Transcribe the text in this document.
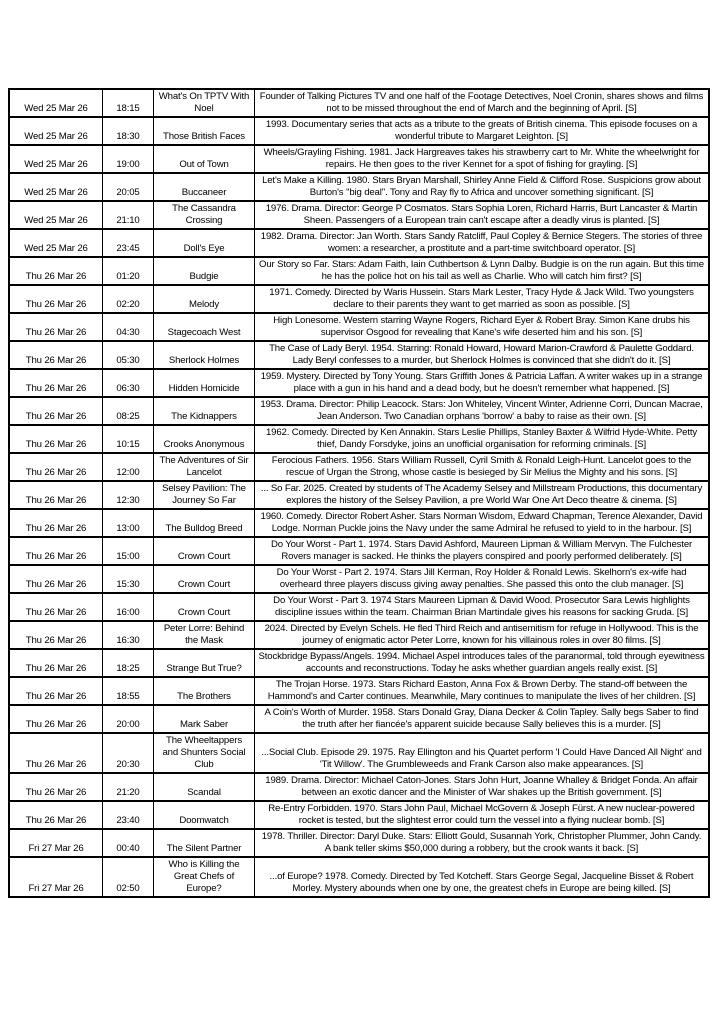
Wed 25 Mar 26	18:15	What's On TPTV With Noel	Founder of Talking Pictures TV and one half of the Footage Detectives, Noel Cronin, shares shows and films not to be missed throughout the end of March and the beginning of April. [S]
Wed 25 Mar 26	18:30	Those British Faces	1993. Documentary series that acts as a tribute to the greats of British cinema. This episode focuses on a wonderful tribute to Margaret Leighton. [S]
Wed 25 Mar 26	19:00	Out of Town	Wheels/Grayling Fishing. 1981. Jack Hargreaves takes his strawberry cart to Mr. White the wheelwright for repairs. He then goes to the river Kennet for a spot of fishing for grayling. [S]
Wed 25 Mar 26	20:05	Buccaneer	Let's Make a Killing. 1980. Stars Bryan Marshall, Shirley Anne Field & Clifford Rose. Suspicions grow about Burton's ''big deal''. Tony and Ray fly to Africa and uncover something significant. [S]
Wed 25 Mar 26	21:10	The Cassandra Crossing	1976. Drama. Director: George P Cosmatos. Stars Sophia Loren, Richard Harris, Burt Lancaster & Martin Sheen. Passengers of a European train can't escape after a deadly virus is planted. [S]
Wed 25 Mar 26	23:45	Doll's Eye	1982. Drama. Director: Jan Worth. Stars Sandy Ratcliff, Paul Copley & Bernice Stegers. The stories of three women: a researcher, a prostitute and a part-time switchboard operator. [S]
Thu 26 Mar 26	01:20	Budgie	Our Story so Far. Stars: Adam Faith, Iain Cuthbertson & Lynn Dalby. Budgie is on the run again. But this time he has the police hot on his tail as well as Charlie. Who will catch him first? [S]
Thu 26 Mar 26	02:20	Melody	1971. Comedy. Directed by Waris Hussein. Stars Mark Lester, Tracy Hyde & Jack Wild. Two youngsters declare to their parents they want to get married as soon as possible. [S]
Thu 26 Mar 26	04:30	Stagecoach West	High Lonesome. Western starring Wayne Rogers, Richard Eyer & Robert Bray. Simon Kane drubs his supervisor Osgood for revealing that Kane's wife deserted him and his son. [S]
Thu 26 Mar 26	05:30	Sherlock Holmes	The Case of Lady Beryl. 1954. Starring: Ronald Howard, Howard Marion-Crawford & Paulette Goddard. Lady Beryl confesses to a murder, but Sherlock Holmes is convinced that she didn't do it. [S]
Thu 26 Mar 26	06:30	Hidden Homicide	1959. Mystery. Directed by Tony Young. Stars Griffith Jones & Patricia Laffan. A writer wakes up in a strange place with a gun in his hand and a dead body, but he doesn't remember what happened. [S]
Thu 26 Mar 26	08:25	The Kidnappers	1953. Drama. Director: Philip Leacock. Stars: Jon Whiteley, Vincent Winter, Adrienne Corri, Duncan Macrae, Jean Anderson. Two Canadian orphans 'borrow' a baby to raise as their own. [S]
Thu 26 Mar 26	10:15	Crooks Anonymous	1962. Comedy. Directed by Ken Annakin. Stars Leslie Phillips, Stanley Baxter & Wilfrid Hyde-White. Petty thief, Dandy Forsdyke, joins an unofficial organisation for reforming criminals. [S]
Thu 26 Mar 26	12:00	The Adventures of Sir Lancelot	Ferocious Fathers. 1956. Stars William Russell, Cyril Smith & Ronald Leigh-Hunt. Lancelot goes to the rescue of Urgan the Strong, whose castle is besieged by Sir Melius the Mighty and his sons. [S]
Thu 26 Mar 26	12:30	Selsey Pavilion: The Journey So Far	... So Far. 2025. Created by students of The Academy Selsey and Millstream Productions, this documentary explores the history of the Selsey Pavilion, a pre World War One Art Deco theatre & cinema. [S]
Thu 26 Mar 26	13:00	The Bulldog Breed	1960. Comedy. Director Robert Asher. Stars Norman Wisdom, Edward Chapman, Terence Alexander, David Lodge. Norman Puckle joins the Navy under the same Admiral he refused to yield to in the harbour. [S]
Thu 26 Mar 26	15:00	Crown Court	Do Your Worst - Part 1. 1974. Stars David Ashford, Maureen Lipman & William Mervyn. The Fulchester Rovers manager is sacked. He thinks the players conspired and poorly performed deliberately. [S]
Thu 26 Mar 26	15:30	Crown Court	Do Your Worst - Part 2. 1974. Stars Jill Kerman, Roy Holder & Ronald Lewis. Skelhorn's ex-wife had overheard three players discuss giving away penalties. She passed this onto the club manager. [S]
Thu 26 Mar 26	16:00	Crown Court	Do Your Worst - Part 3. 1974 Stars Maureen Lipman & David Wood. Prosecutor Sara Lewis highlights discipline issues within the team. Chairman Brian Martindale gives his reasons for sacking Gruda. [S]
Thu 26 Mar 26	16:30	Peter Lorre: Behind the Mask	2024. Directed by Evelyn Schels. He fled Third Reich and antisemitism for refuge in Hollywood. This is the journey of enigmatic actor Peter Lorre, known for his villainous roles in over 80 films. [S]
Thu 26 Mar 26	18:25	Strange But True?	Stockbridge Bypass/Angels. 1994. Michael Aspel introduces tales of the paranormal, told through eyewitness accounts and reconstructions. Today he asks whether guardian angels really exist. [S]
Thu 26 Mar 26	18:55	The Brothers	The Trojan Horse. 1973. Stars Richard Easton, Anna Fox & Brown Derby. The stand-off between the Hammond's and Carter continues. Meanwhile, Mary continues to manipulate the lives of her children. [S]
Thu 26 Mar 26	20:00	Mark Saber	A Coin's Worth of Murder. 1958. Stars Donald Gray, Diana Decker & Colin Tapley. Sally begs Saber to find the truth after her fiancée's apparent suicide because Sally believes this is a murder. [S]
Thu 26 Mar 26	20:30	The Wheeltappers and Shunters Social Club	...Social Club. Episode 29. 1975. Ray Ellington and his Quartet perform 'I Could Have Danced All Night' and 'Tit Willow'. The Grumbleweeds and Frank Carson also make appearances. [S]
Thu 26 Mar 26	21:20	Scandal	1989. Drama. Director: Michael Caton-Jones. Stars John Hurt, Joanne Whalley & Bridget Fonda. An affair between an exotic dancer and the Minister of War shakes up the British government. [S]
Thu 26 Mar 26	23:40	Doomwatch	Re-Entry Forbidden. 1970. Stars John Paul, Michael McGovern & Joseph Fürst. A new nuclear-powered rocket is tested, but the slightest error could turn the vessel into a flying nuclear bomb. [S]
Fri 27 Mar 26	00:40	The Silent Partner	1978. Thriller. Director: Daryl Duke. Stars: Elliott Gould, Susannah York, Christopher Plummer, John Candy. A bank teller skims $50,000 during a robbery, but the crook wants it back. [S]
Fri 27 Mar 26	02:50	Who is Killing the Great Chefs of Europe?	...of Europe? 1978. Comedy. Directed by Ted Kotcheff. Stars George Segal, Jacqueline Bisset & Robert Morley. Mystery abounds when one by one, the greatest chefs in Europe are being killed. [S]
